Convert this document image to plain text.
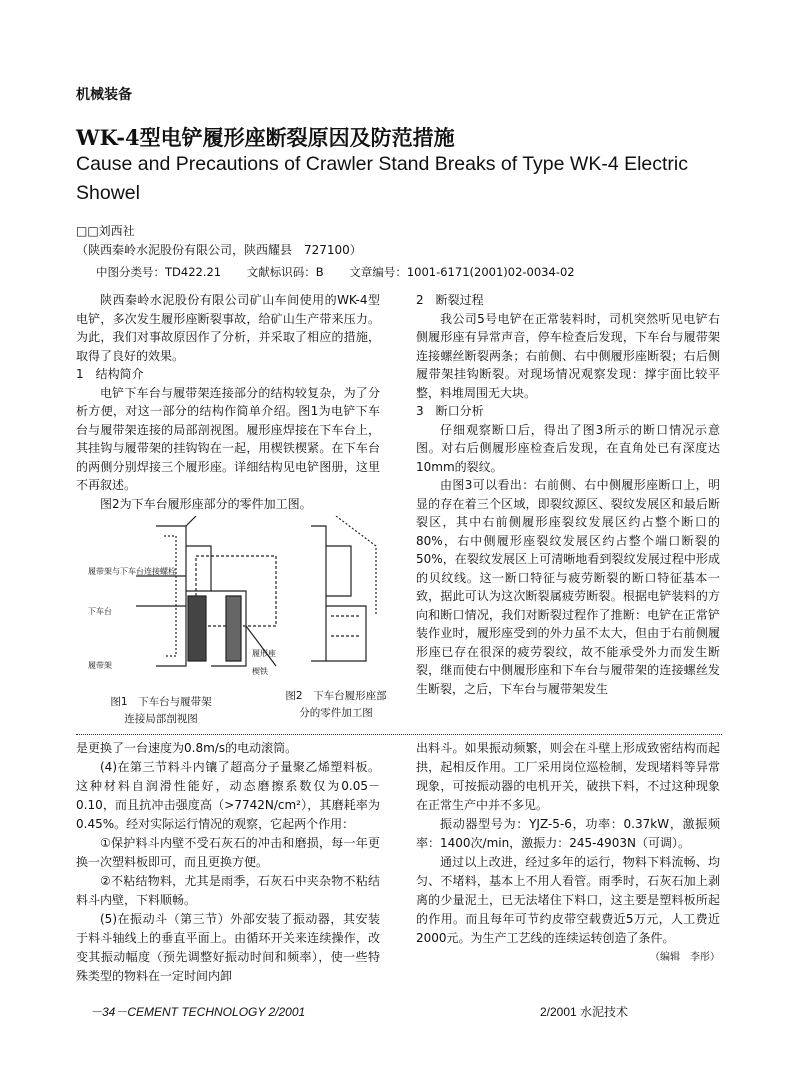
机械装备
WK-4型电铲履形座断裂原因及防范措施
Cause and Precautions of Crawler Stand Breaks of Type WK-4 Electric Showel
□□刘西社
（陕西秦岭水泥股份有限公司，陕西耀县　727100）
中图分类号：TD422.21 文献标识码：B 文章编号：1001-6171(2001)02-0034-02

陕西秦岭水泥股份有限公司矿山车间使用的WK-4型电铲，多次发生履形座断裂事故，给矿山生产带来压力。为此，我们对事故原因作了分析，并采取了相应的措施，取得了良好的效果。

1　结构简介

电铲下车台与履带架连接部分的结构较复杂，为了分析方便，对这一部分的结构作简单介绍。图1为电铲下车台与履带架连接的局部剖视图。履形座焊接在下车台上，其挂钩与履带架的挂钩钩在一起，用楔铁楔紧。在下车台的两侧分别焊接三个履形座。详细结构见电铲图册，这里不再叙述。

图2为下车台履形座部分的零件加工图。

履带架与下车台连接螺栓
下车台
履带架
履形座
楔铁
图1　下车台与履带架
连接局部剖视图
图2　下车台履形座部
分的零件加工图

2　断裂过程

我公司5号电铲在正常装料时，司机突然听见电铲右侧履形座有异常声音，停车检查后发现，下车台与履带架连接螺丝断裂两条；右前侧、右中侧履形座断裂；右后侧履带架挂钩断裂。对现场情况观察发现：撑宇面比较平整，料堆周围无大块。

3　断口分析

仔细观察断口后，得出了图3所示的断口情况示意图。对右后侧履形座检查后发现，在直角处已有深度达10mm的裂纹。

由图3可以看出：右前侧、右中侧履形座断口上，明显的存在着三个区域，即裂纹源区、裂纹发展区和最后断裂区，其中右前侧履形座裂纹发展区约占整个断口的80%，右中侧履形座裂纹发展区约占整个端口断裂的50%，在裂纹发展区上可清晰地看到裂纹发展过程中形成的贝纹线。这一断口特征与疲劳断裂的断口特征基本一致，据此可认为这次断裂属疲劳断裂。根据电铲装料的方向和断口情况，我们对断裂过程作了推断：电铲在正常铲装作业时，履形座受到的外力虽不太大，但由于右前侧履形座已存在很深的疲劳裂纹，故不能承受外力而发生断裂，继而使右中侧履形座和下车台与履带架的连接螺丝发生断裂，之后，下车台与履带架发生

是更换了一台速度为0.8m/s的电动滚筒。

(4)在第三节料斗内镶了超高分子量聚乙烯塑料板。这种材料自润滑性能好，动态磨擦系数仅为0.05－0.10，而且抗冲击强度高（>7742N/cm²），其磨耗率为0.45%。经对实际运行情况的观察，它起两个作用：

①保护料斗内壁不受石灰石的冲击和磨损，每一年更换一次塑料板即可，而且更换方便。

②不粘结物料，尤其是雨季，石灰石中夹杂物不粘结料斗内壁，下料顺畅。

(5)在振动斗（第三节）外部安装了振动器，其安装于料斗轴线上的垂直平面上。由循环开关来连续操作，改变其振动幅度（预先调整好振动时间和频率），使一些特殊类型的物料在一定时间内卸

出料斗。如果振动频繁，则会在斗壁上形成致密结构而起拱，起相反作用。工厂采用岗位巡检制，发现堵料等异常现象，可按振动器的电机开关，破拱下料，不过这种现象在正常生产中并不多见。

振动器型号为：YJZ-5-6，功率：0.37kW，激振频率：1400次/min，激振力：245-4903N（可调）。

通过以上改进，经过多年的运行，物料下料流畅、均匀、不堵料，基本上不用人看管。雨季时，石灰石加上剥离的少量泥土，已无法堵住下料口，这主要是塑料板所起的作用。而且每年可节约皮带空载费近5万元，人工费近2000元。为生产工艺线的连续运转创造了条件。

（编辑　李彤）

－34－CEMENT TECHNOLOGY 2/2001	2/2001 水泥技术
